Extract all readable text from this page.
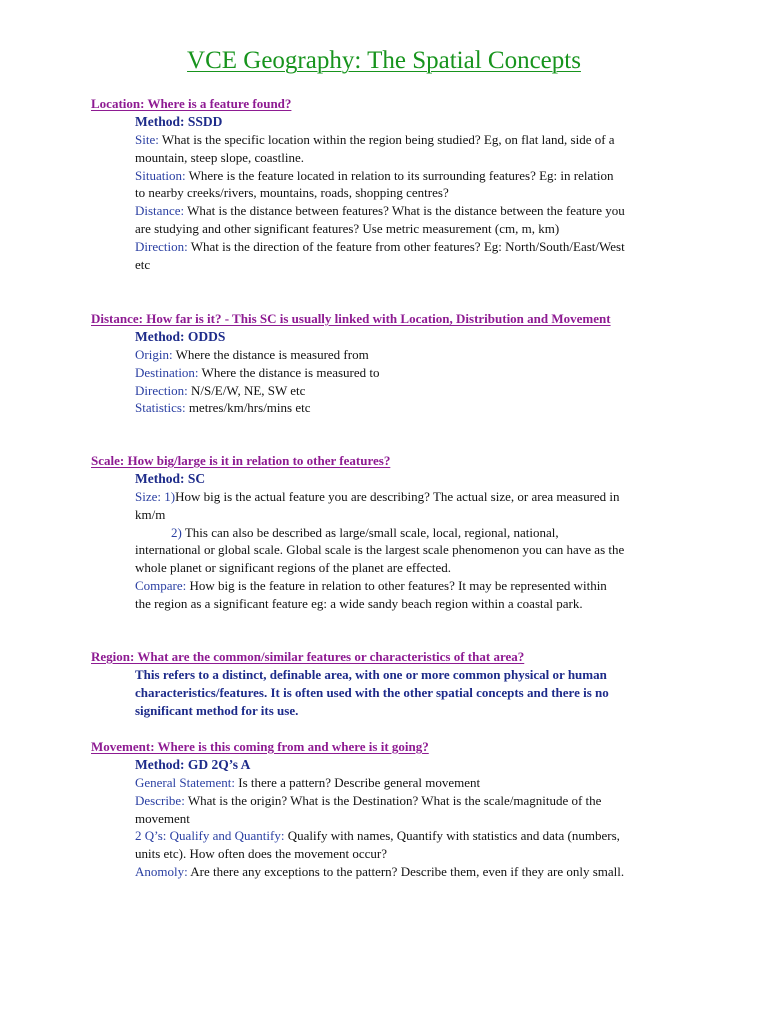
VCE Geography: The Spatial Concepts
Location: Where is a feature found?

Method: SSDD

Site: What is the specific location within the region being studied? Eg, on flat land, side of a mountain, steep slope, coastline.

Situation: Where is the feature located in relation to its surrounding features? Eg: in relation to nearby creeks/rivers, mountains, roads, shopping centres?

Distance: What is the distance between features? What is the distance between the feature you are studying and other significant features? Use metric measurement (cm, m, km)

Direction: What is the direction of the feature from other features? Eg: North/South/East/West etc

Distance: How far is it? - This SC is usually linked with Location, Distribution and Movement

Method: ODDS

Origin: Where the distance is measured from

Destination: Where the distance is measured to

Direction: N/S/E/W, NE, SW etc

Statistics: metres/km/hrs/mins etc

Scale: How big/large is it in relation to other features?

Method: SC

Size: 1)How big is the actual feature you are describing? The actual size, or area measured in km/m

2) This can also be described as large/small scale, local, regional, national, international or global scale. Global scale is the largest scale phenomenon you can have as the whole planet or significant regions of the planet are effected.

Compare: How big is the feature in relation to other features? It may be represented within the region as a significant feature eg: a wide sandy beach region within a coastal park.

Region: What are the common/similar features or characteristics of that area?

This refers to a distinct, definable area, with one or more common physical or human characteristics/features. It is often used with the other spatial concepts and there is no significant method for its use.

Movement: Where is this coming from and where is it going?

Method: GD 2Q’s A

General Statement: Is there a pattern? Describe general movement

Describe: What is the origin? What is the Destination? What is the scale/magnitude of the movement

2 Q’s: Qualify and Quantify: Qualify with names, Quantify with statistics and data (numbers, units etc). How often does the movement occur?

Anomoly: Are there any exceptions to the pattern? Describe them, even if they are only small.
